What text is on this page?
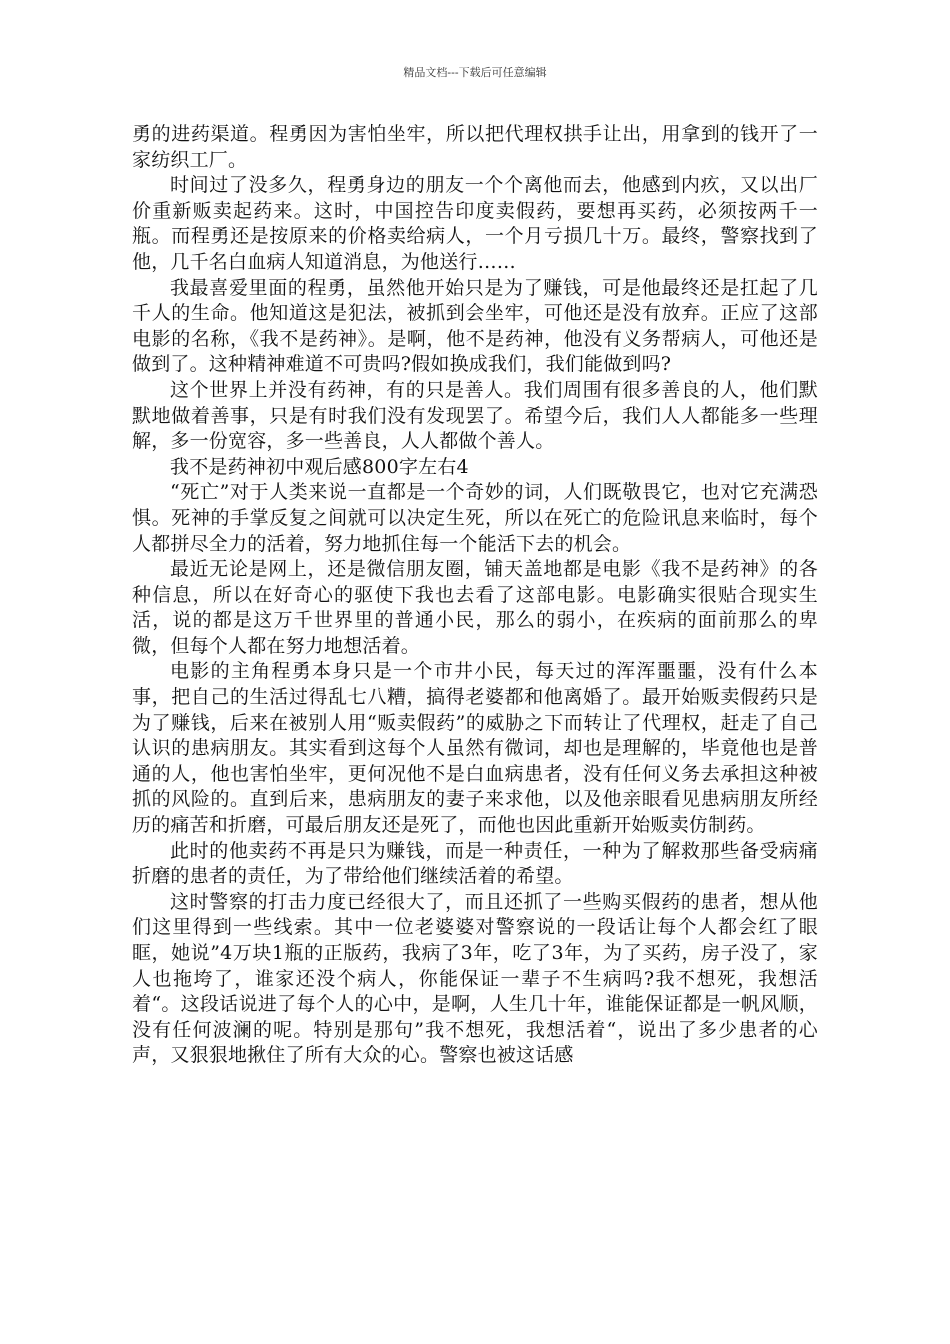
精品文档---下载后可任意编辑

勇的进药渠道。程勇因为害怕坐牢，所以把代理权拱手让出，用拿到的钱开了一家纺织工厂。

时间过了没多久，程勇身边的朋友一个个离他而去，他感到内疚，又以出厂价重新贩卖起药来。这时，中国控告印度卖假药，要想再买药，必须按两千一瓶。而程勇还是按原来的价格卖给病人，一个月亏损几十万。最终，警察找到了他，几千名白血病人知道消息，为他送行……

我最喜爱里面的程勇，虽然他开始只是为了赚钱，可是他最终还是扛起了几千人的生命。他知道这是犯法，被抓到会坐牢，可他还是没有放弃。正应了这部电影的名称，《我不是药神》。是啊，他不是药神，他没有义务帮病人，可他还是做到了。这种精神难道不可贵吗?假如换成我们，我们能做到吗?

这个世界上并没有药神，有的只是善人。我们周围有很多善良的人，他们默默地做着善事，只是有时我们没有发现罢了。希望今后，我们人人都能多一些理解，多一份宽容，多一些善良，人人都做个善人。

我不是药神初中观后感800字左右4

“死亡”对于人类来说一直都是一个奇妙的词，人们既敬畏它，也对它充满恐惧。死神的手掌反复之间就可以决定生死，所以在死亡的危险讯息来临时，每个人都拼尽全力的活着，努力地抓住每一个能活下去的机会。

最近无论是网上，还是微信朋友圈，铺天盖地都是电影《我不是药神》的各种信息，所以在好奇心的驱使下我也去看了这部电影。电影确实很贴合现实生活，说的都是这万千世界里的普通小民，那么的弱小，在疾病的面前那么的卑微，但每个人都在努力地想活着。

电影的主角程勇本身只是一个市井小民，每天过的浑浑噩噩，没有什么本事，把自己的生活过得乱七八糟，搞得老婆都和他离婚了。最开始贩卖假药只是为了赚钱，后来在被别人用“贩卖假药”的威胁之下而转让了代理权，赶走了自己认识的患病朋友。其实看到这每个人虽然有微词，却也是理解的，毕竟他也是普通的人，他也害怕坐牢，更何况他不是白血病患者，没有任何义务去承担这种被抓的风险的。直到后来，患病朋友的妻子来求他，以及他亲眼看见患病朋友所经历的痛苦和折磨，可最后朋友还是死了，而他也因此重新开始贩卖仿制药。

此时的他卖药不再是只为赚钱，而是一种责任，一种为了解救那些备受病痛折磨的患者的责任，为了带给他们继续活着的希望。

这时警察的打击力度已经很大了，而且还抓了一些购买假药的患者，想从他们这里得到一些线索。其中一位老婆婆对警察说的一段话让每个人都会红了眼眶，她说”4万块1瓶的正版药，我病了3年，吃了3年，为了买药，房子没了，家人也拖垮了，谁家还没个病人，你能保证一辈子不生病吗?我不想死，我想活着“。这段话说进了每个人的心中，是啊，人生几十年，谁能保证都是一帆风顺，没有任何波澜的呢。特别是那句”我不想死，我想活着“，说出了多少患者的心声，又狠狠地揪住了所有大众的心。警察也被这话感
